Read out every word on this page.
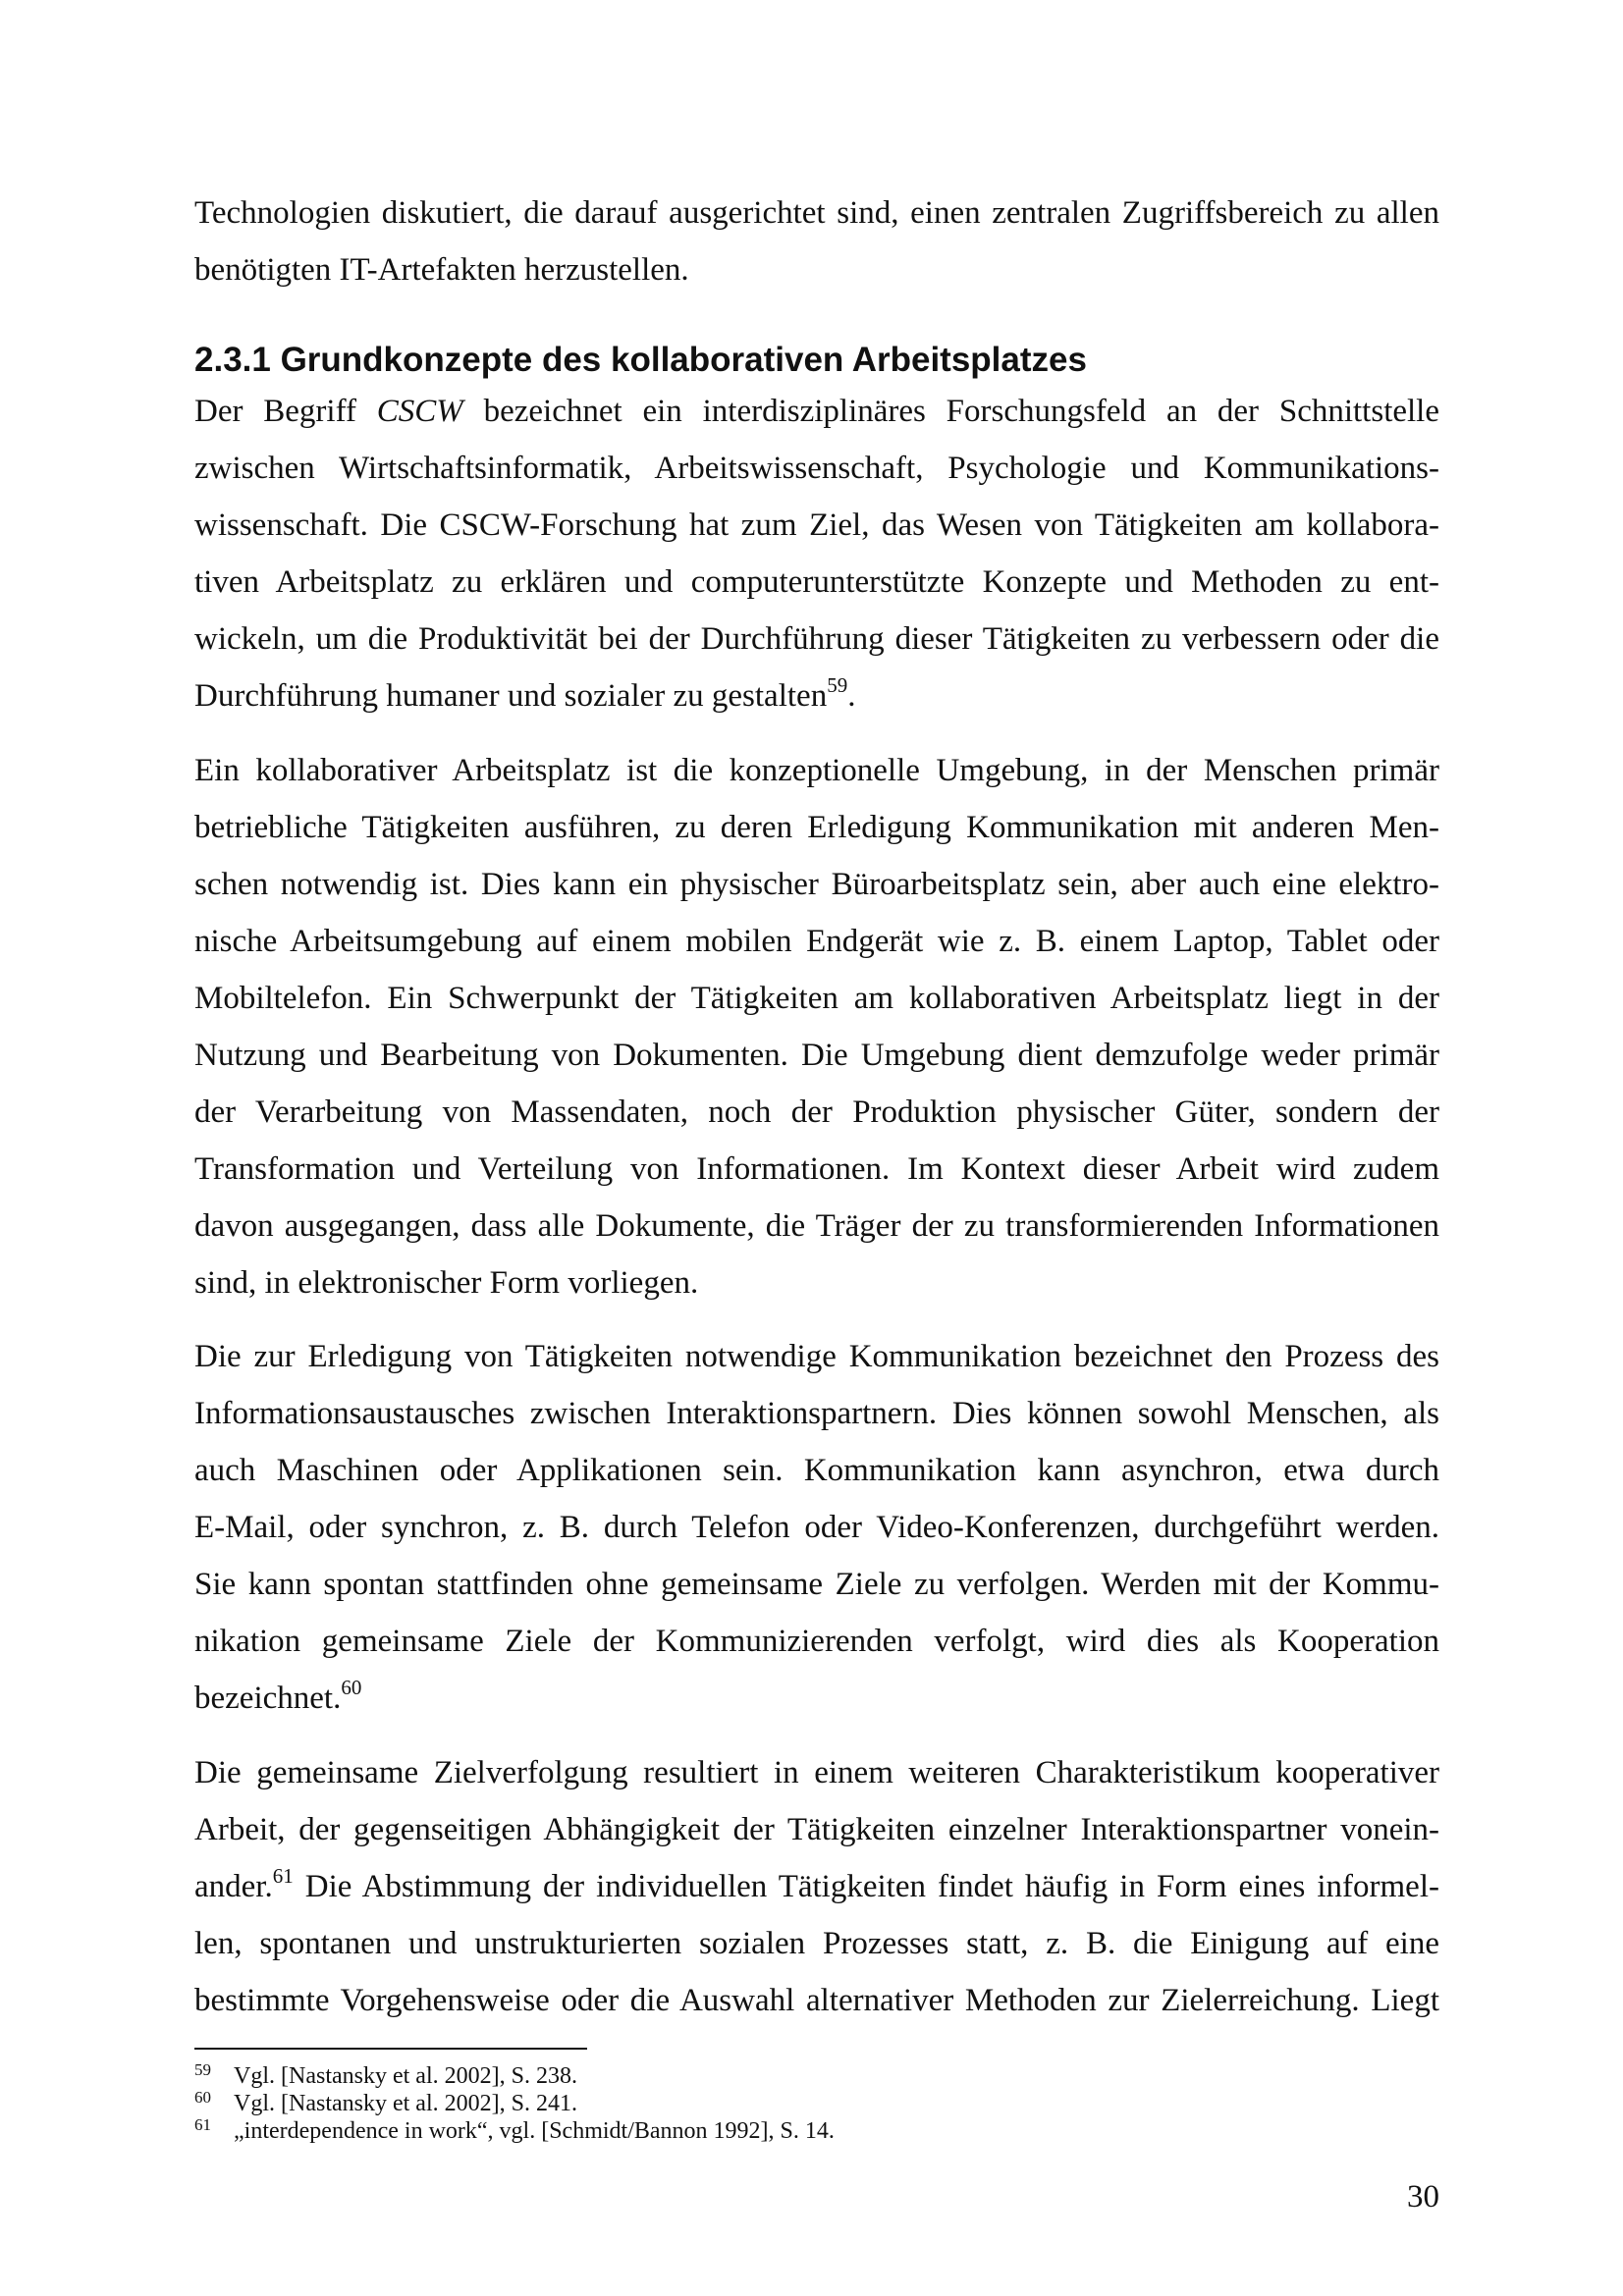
Technologien diskutiert, die darauf ausgerichtet sind, einen zentralen Zugriffsbereich zu allen
benötigten IT-Artefakten herzustellen.
2.3.1 Grundkonzepte des kollaborativen Arbeitsplatzes
Der Begriff CSCW bezeichnet ein interdisziplinäres Forschungsfeld an der Schnittstelle
zwischen Wirtschaftsinformatik, Arbeitswissenschaft, Psychologie und Kommunikations-
wissenschaft. Die CSCW-Forschung hat zum Ziel, das Wesen von Tätigkeiten am kollabora-
tiven Arbeitsplatz zu erklären und computerunterstützte Konzepte und Methoden zu ent-
wickeln, um die Produktivität bei der Durchführung dieser Tätigkeiten zu verbessern oder die
Durchführung humaner und sozialer zu gestalten$^{59}$.
Ein kollaborativer Arbeitsplatz ist die konzeptionelle Umgebung, in der Menschen primär
betriebliche Tätigkeiten ausführen, zu deren Erledigung Kommunikation mit anderen Men-
schen notwendig ist. Dies kann ein physischer Büroarbeitsplatz sein, aber auch eine elektro-
nische Arbeitsumgebung auf einem mobilen Endgerät wie z. B. einem Laptop, Tablet oder
Mobiltelefon. Ein Schwerpunkt der Tätigkeiten am kollaborativen Arbeitsplatz liegt in der
Nutzung und Bearbeitung von Dokumenten. Die Umgebung dient demzufolge weder primär
der Verarbeitung von Massendaten, noch der Produktion physischer Güter, sondern der
Transformation und Verteilung von Informationen. Im Kontext dieser Arbeit wird zudem
davon ausgegangen, dass alle Dokumente, die Träger der zu transformierenden Informationen
sind, in elektronischer Form vorliegen.
Die zur Erledigung von Tätigkeiten notwendige Kommunikation bezeichnet den Prozess des
Informationsaustausches zwischen Interaktionspartnern. Dies können sowohl Menschen, als
auch Maschinen oder Applikationen sein. Kommunikation kann asynchron, etwa durch
E-Mail, oder synchron, z. B. durch Telefon oder Video-Konferenzen, durchgeführt werden.
Sie kann spontan stattfinden ohne gemeinsame Ziele zu verfolgen. Werden mit der Kommu-
nikation gemeinsame Ziele der Kommunizierenden verfolgt, wird dies als Kooperation
bezeichnet.$^{60}$
Die gemeinsame Zielverfolgung resultiert in einem weiteren Charakteristikum kooperativer
Arbeit, der gegenseitigen Abhängigkeit der Tätigkeiten einzelner Interaktionspartner vonein-
ander.$^{61}$ Die Abstimmung der individuellen Tätigkeiten findet häufig in Form eines informel-
len, spontanen und unstrukturierten sozialen Prozesses statt, z. B. die Einigung auf eine
bestimmte Vorgehensweise oder die Auswahl alternativer Methoden zur Zielerreichung. Liegt
59 Vgl. [Nastansky et al. 2002], S. 238.
60 Vgl. [Nastansky et al. 2002], S. 241.
61 „interdependence in work“, vgl. [Schmidt/Bannon 1992], S. 14.
30
